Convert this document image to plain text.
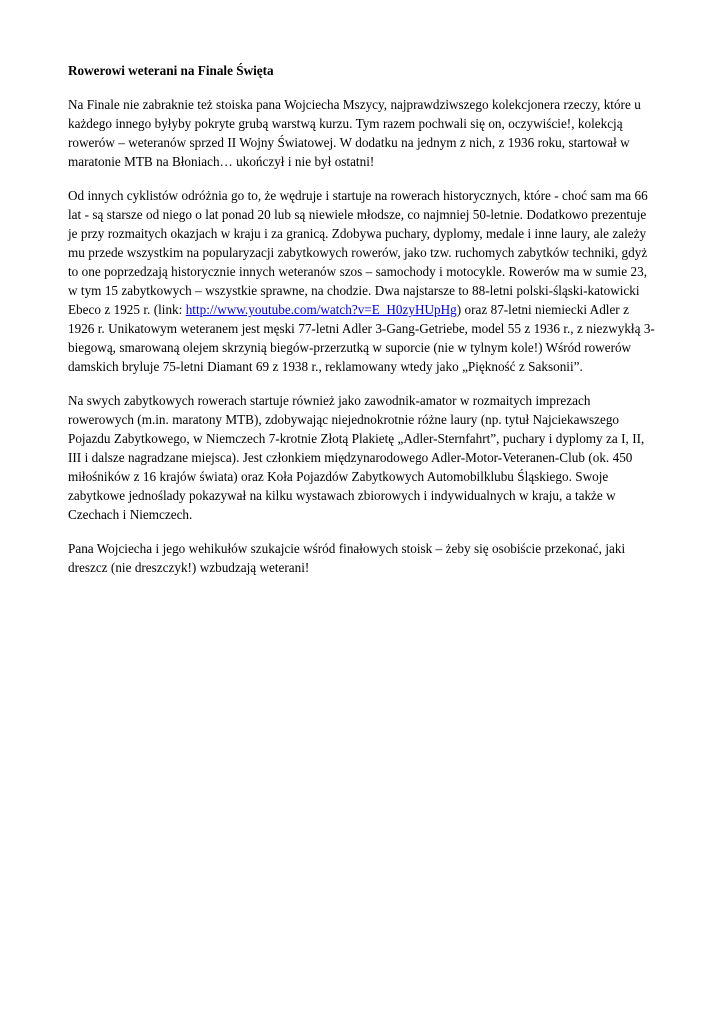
Rowerowi weterani na Finale Święta

Na Finale nie zabraknie też stoiska pana Wojciecha Mszycy, najprawdziwszego kolekcjonera rzeczy, które u każdego innego byłyby pokryte grubą warstwą kurzu. Tym razem pochwali się on, oczywiście!, kolekcją rowerów – weteranów sprzed II Wojny Światowej. W dodatku na jednym z nich, z 1936 roku, startował w maratonie MTB na Błoniach… ukończył i nie był ostatni!

Od innych cyklistów odróżnia go to, że wędruje i startuje na rowerach historycznych, które - choć sam ma 66 lat - są starsze od niego o lat ponad 20 lub są niewiele młodsze, co najmniej 50-letnie. Dodatkowo prezentuje je przy rozmaitych okazjach w kraju i za granicą. Zdobywa puchary, dyplomy, medale i inne laury, ale zależy mu przede wszystkim na popularyzacji zabytkowych rowerów, jako tzw. ruchomych zabytków techniki, gdyż to one poprzedzają historycznie innych weteranów szos – samochody i motocykle. Rowerów ma w sumie 23, w tym 15 zabytkowych – wszystkie sprawne, na chodzie. Dwa najstarsze to 88-letni polski-śląski-katowicki Ebeco z 1925 r. (link: http://www.youtube.com/watch?v=E_H0zyHUpHg) oraz 87-letni niemiecki Adler z 1926 r. Unikatowym weteranem jest męski 77-letni Adler 3-Gang-Getriebe, model 55 z 1936 r., z niezwykłą 3-biegową, smarowaną olejem skrzynią biegów-przerzutką w suporcie (nie w tylnym kole!) Wśród rowerów damskich bryluje 75-letni Diamant 69 z 1938 r., reklamowany wtedy jako „Piękność z Saksonii”.

Na swych zabytkowych rowerach startuje również jako zawodnik-amator w rozmaitych imprezach rowerowych (m.in. maratony MTB), zdobywając niejednokrotnie różne laury (np. tytuł Najciekawszego Pojazdu Zabytkowego, w Niemczech 7-krotnie Złotą Plakietę „Adler-Sternfahrt”, puchary i dyplomy za I, II, III i dalsze nagradzane miejsca). Jest członkiem międzynarodowego Adler-Motor-Veteranen-Club (ok. 450 miłośników z 16 krajów świata) oraz Koła Pojazdów Zabytkowych Automobilklubu Śląskiego. Swoje zabytkowe jednoślady pokazywał na kilku wystawach zbiorowych i indywidualnych w kraju, a także w Czechach i Niemczech.

Pana Wojciecha i jego wehikułów szukajcie wśród finałowych stoisk – żeby się osobiście przekonać, jaki dreszcz (nie dreszczyk!) wzbudzają weterani!
